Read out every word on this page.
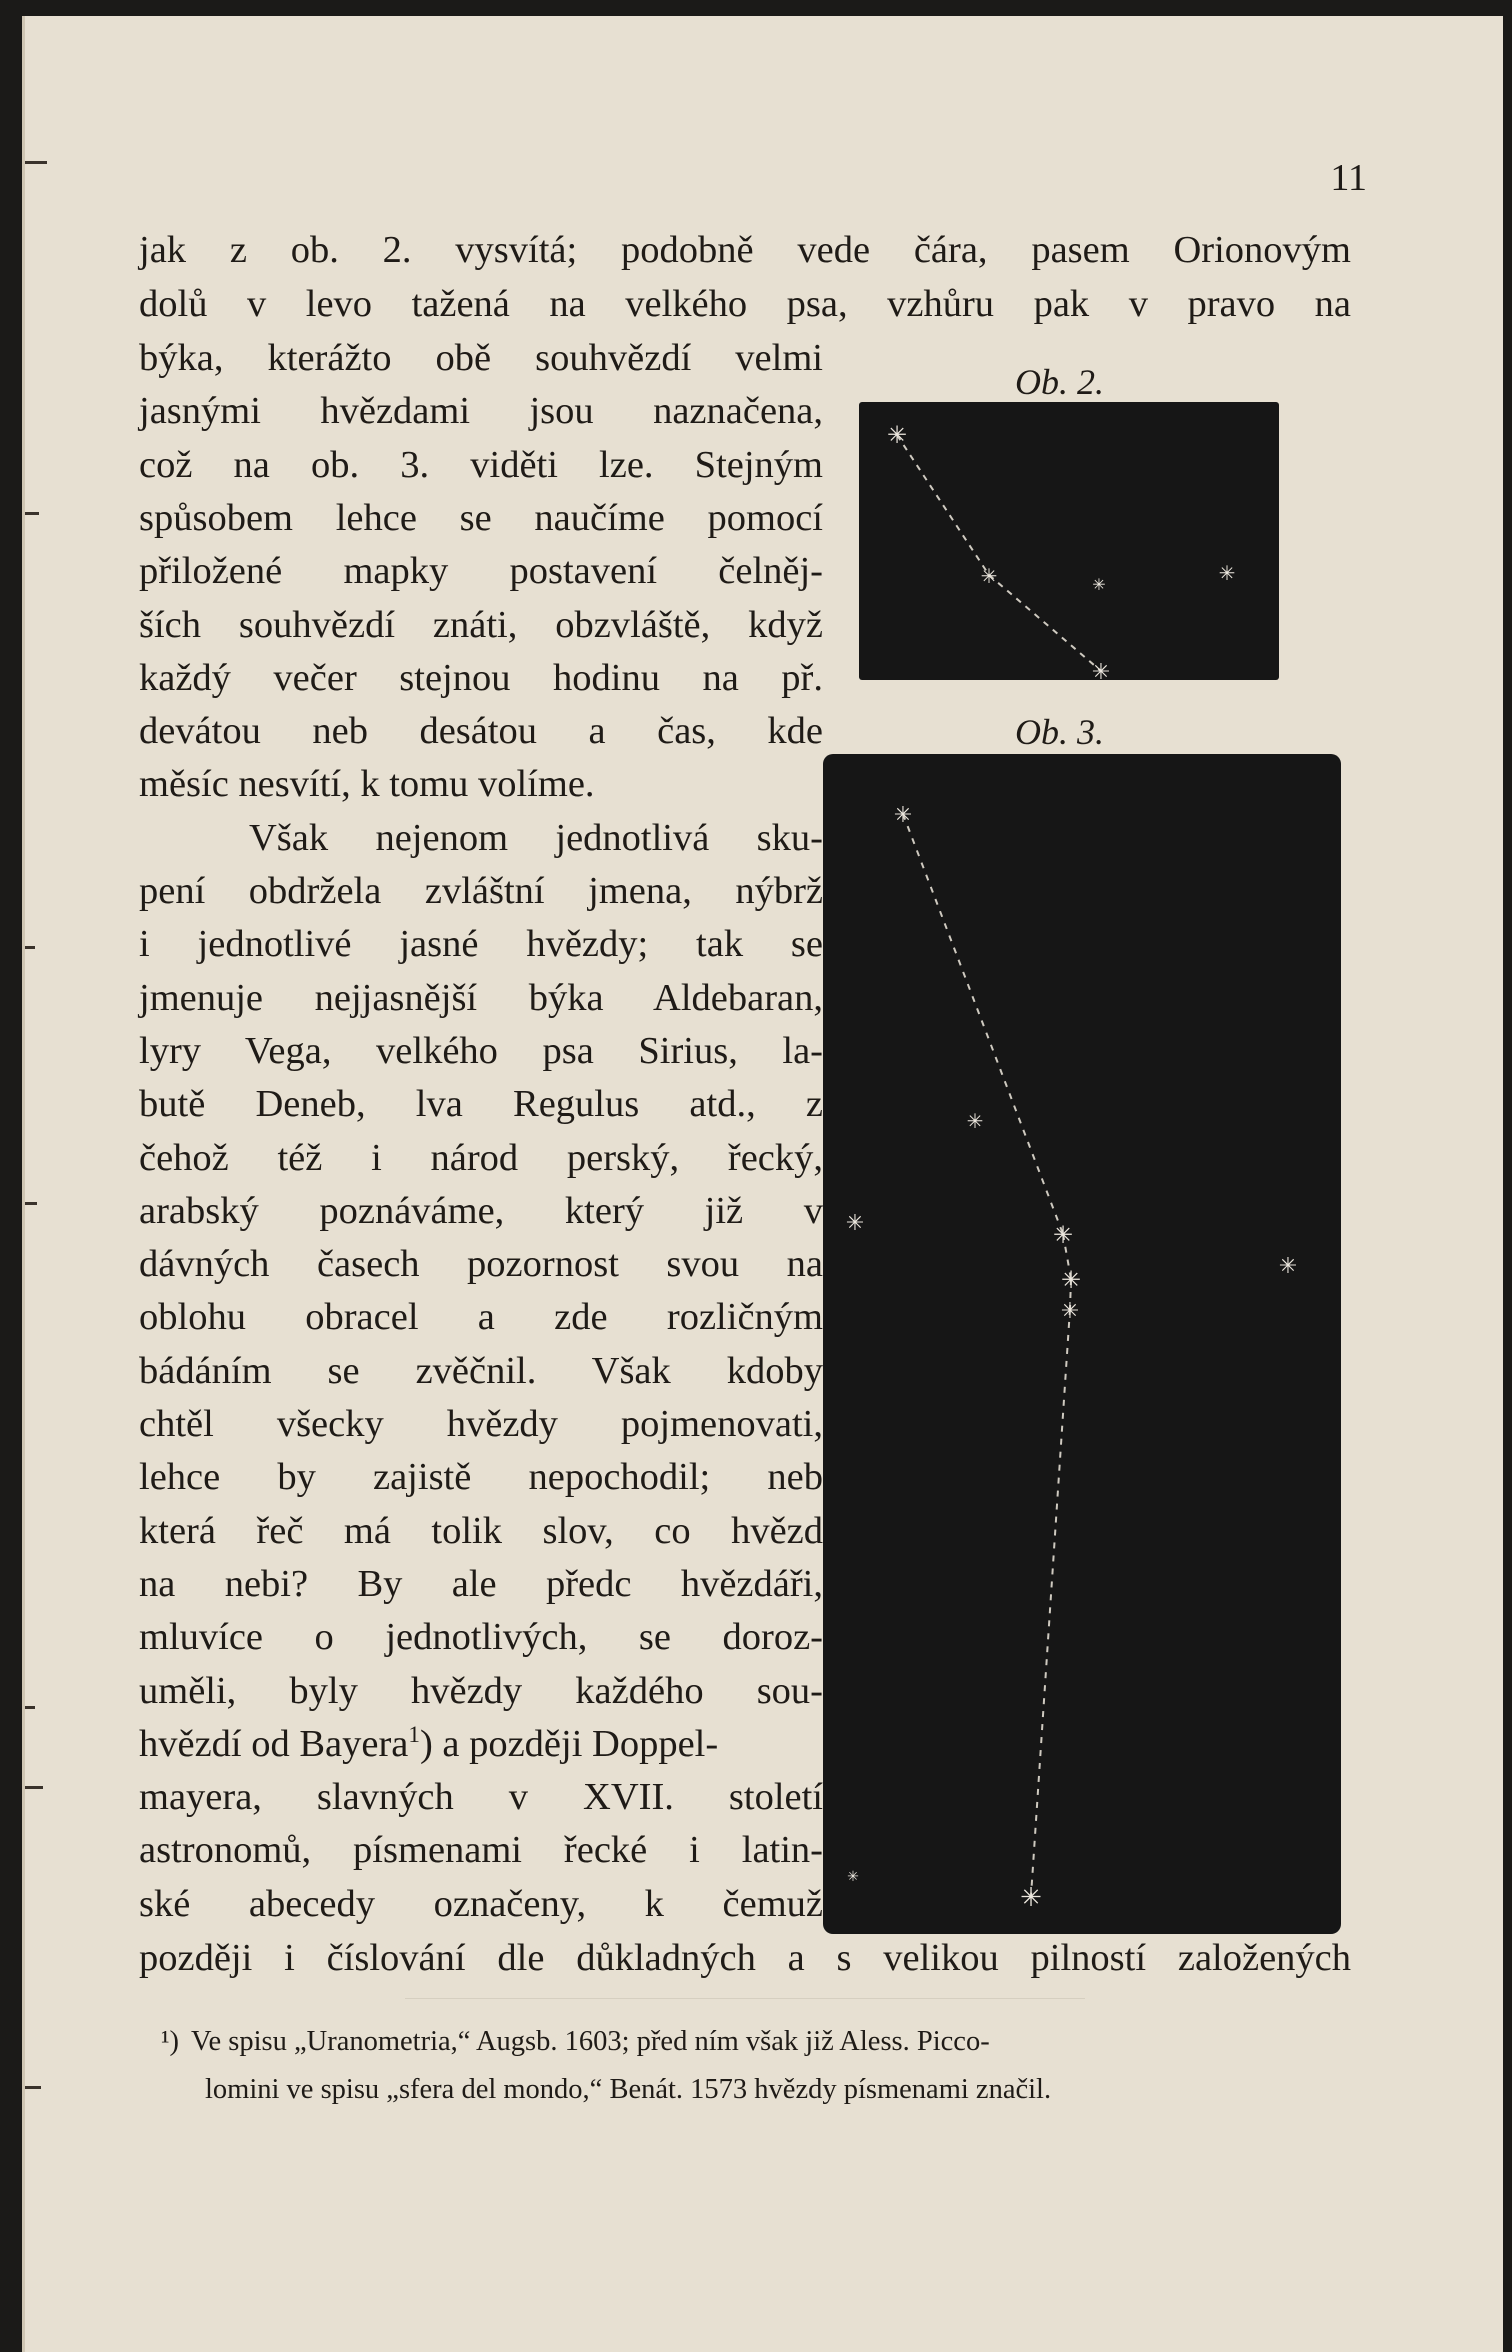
11
jak z ob. 2. vysvítá; podobně vede čára, pasem Orionovým
dolů v levo tažená na velkého psa, vzhůru pak v pravo na
býka, kterážto obě souhvězdí velmi
jasnými hvězdami jsou naznačena,
což na ob. 3. viděti lze. Stejným
spůsobem lehce se naučíme pomocí
přiložené mapky postavení čelněj-
ších souhvězdí znáti, obzvláště, když
každý večer stejnou hodinu na př.
devátou neb desátou a čas, kde
měsíc nesvítí, k tomu volíme.
Však nejenom jednotlivá sku-
pení obdržela zvláštní jmena, nýbrž
i jednotlivé jasné hvězdy; tak se
jmenuje nejjasnější býka Aldebaran,
lyry Vega, velkého psa Sirius, la-
butě Deneb, lva Regulus atd., z
čehož též i národ perský, řecký,
arabský poznáváme, který již v
dávných časech pozornost svou na
oblohu obracel a zde rozličným
bádáním se zvěčnil. Však kdoby
chtěl všecky hvězdy pojmenovati,
lehce by zajistě nepochodil; neb
která řeč má tolik slov, co hvězd
na nebi? By ale předc hvězdáři,
mluvíce o jednotlivých, se doroz-
uměli, byly hvězdy každého sou-
hvězdí od Bayera$^1$) a později Doppel-
mayera, slavných v XVII. století
astronomů, písmenami řecké i latin-
ské abecedy označeny, k čemuž
později i číslování dle důkladných a s velikou pilností založených
Ob. 2.
✳
✳	✳	✳
✳
Ob. 3.
✳
✳
✳	✳
✳
✳
✳
✳
✳
¹) Ve spisu „Uranometria,“ Augsb. 1603; před ním však již Aless. Picco-
lomini ve spisu „sfera del mondo,“ Benát. 1573 hvězdy písmenami značil.
